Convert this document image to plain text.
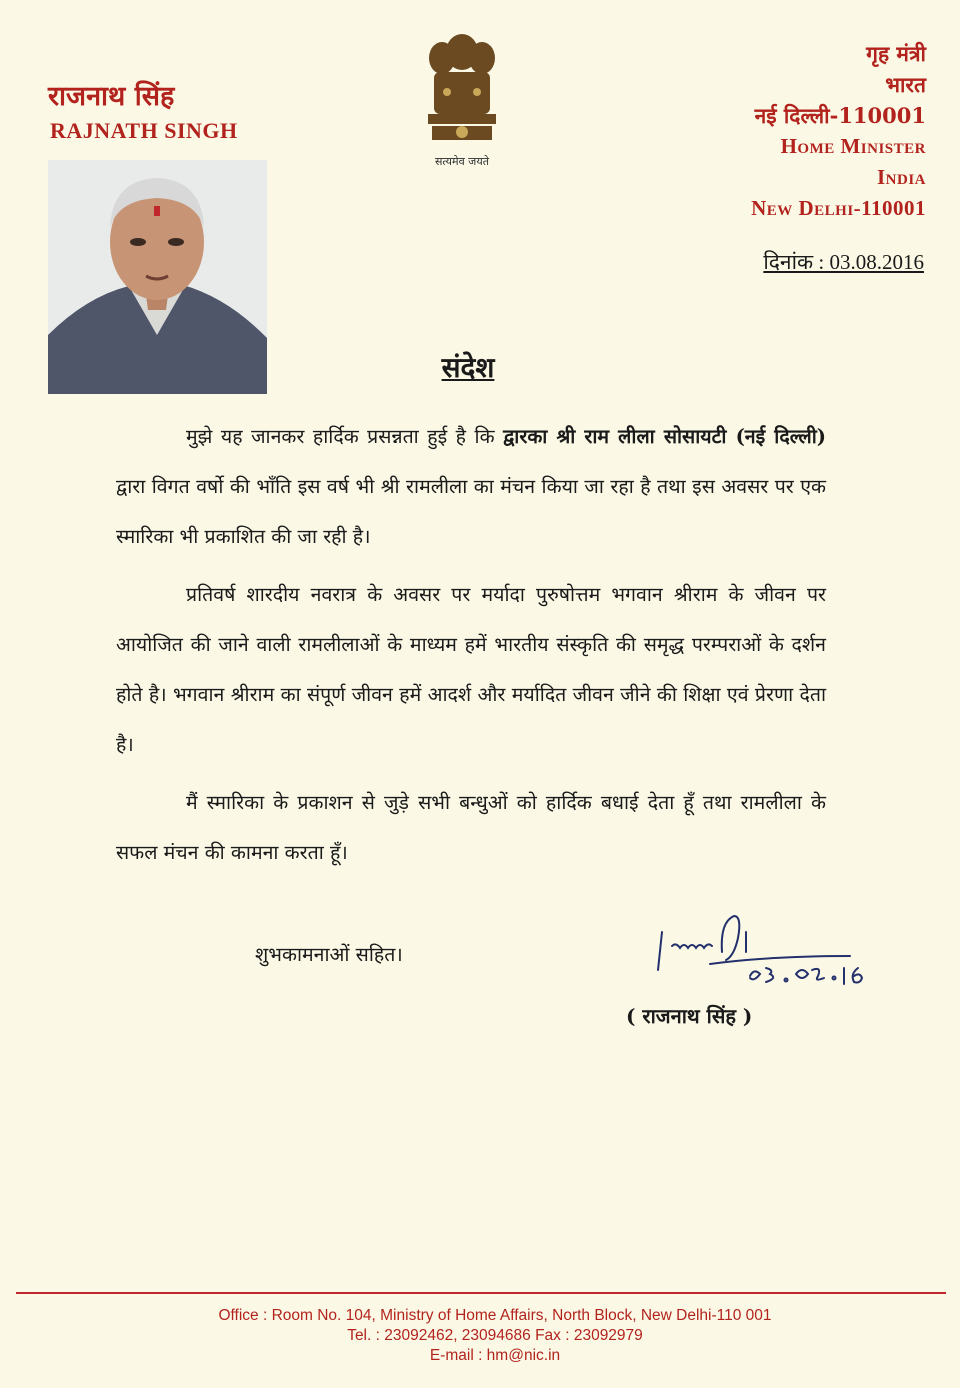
राजनाथ सिंह
RAJNATH SINGH
सत्यमेव जयते
गृह मंत्री
भारत
नई दिल्ली-110001
Home Minister
India
New Delhi-110001
दिनांक : 03.08.2016
संदेश

मुझे यह जानकर हार्दिक प्रसन्नता हुई है कि द्वारका श्री राम लीला सोसायटी (नई दिल्ली) द्वारा विगत वर्षो की भाँति इस वर्ष भी श्री रामलीला का मंचन किया जा रहा है तथा इस अवसर पर एक स्मारिका भी प्रकाशित की जा रही है।

प्रतिवर्ष शारदीय नवरात्र के अवसर पर मर्यादा पुरुषोत्तम भगवान श्रीराम के जीवन पर आयोजित की जाने वाली रामलीलाओं के माध्यम हमें भारतीय संस्कृति की समृद्ध परम्पराओं के दर्शन होते है। भगवान श्रीराम का संपूर्ण जीवन हमें आदर्श और मर्यादित जीवन जीने की शिक्षा एवं प्रेरणा देता है।

मैं स्मारिका के प्रकाशन से जुड़े सभी बन्धुओं को हार्दिक बधाई देता हूँ तथा रामलीला के सफल मंचन की कामना करता हूँ।

शुभकामनाओं सहित।
( राजनाथ सिंह )
Office : Room No. 104, Ministry of Home Affairs, North Block, New Delhi-110 001
Tel. : 23092462, 23094686 Fax : 23092979
E-mail : hm@nic.in
